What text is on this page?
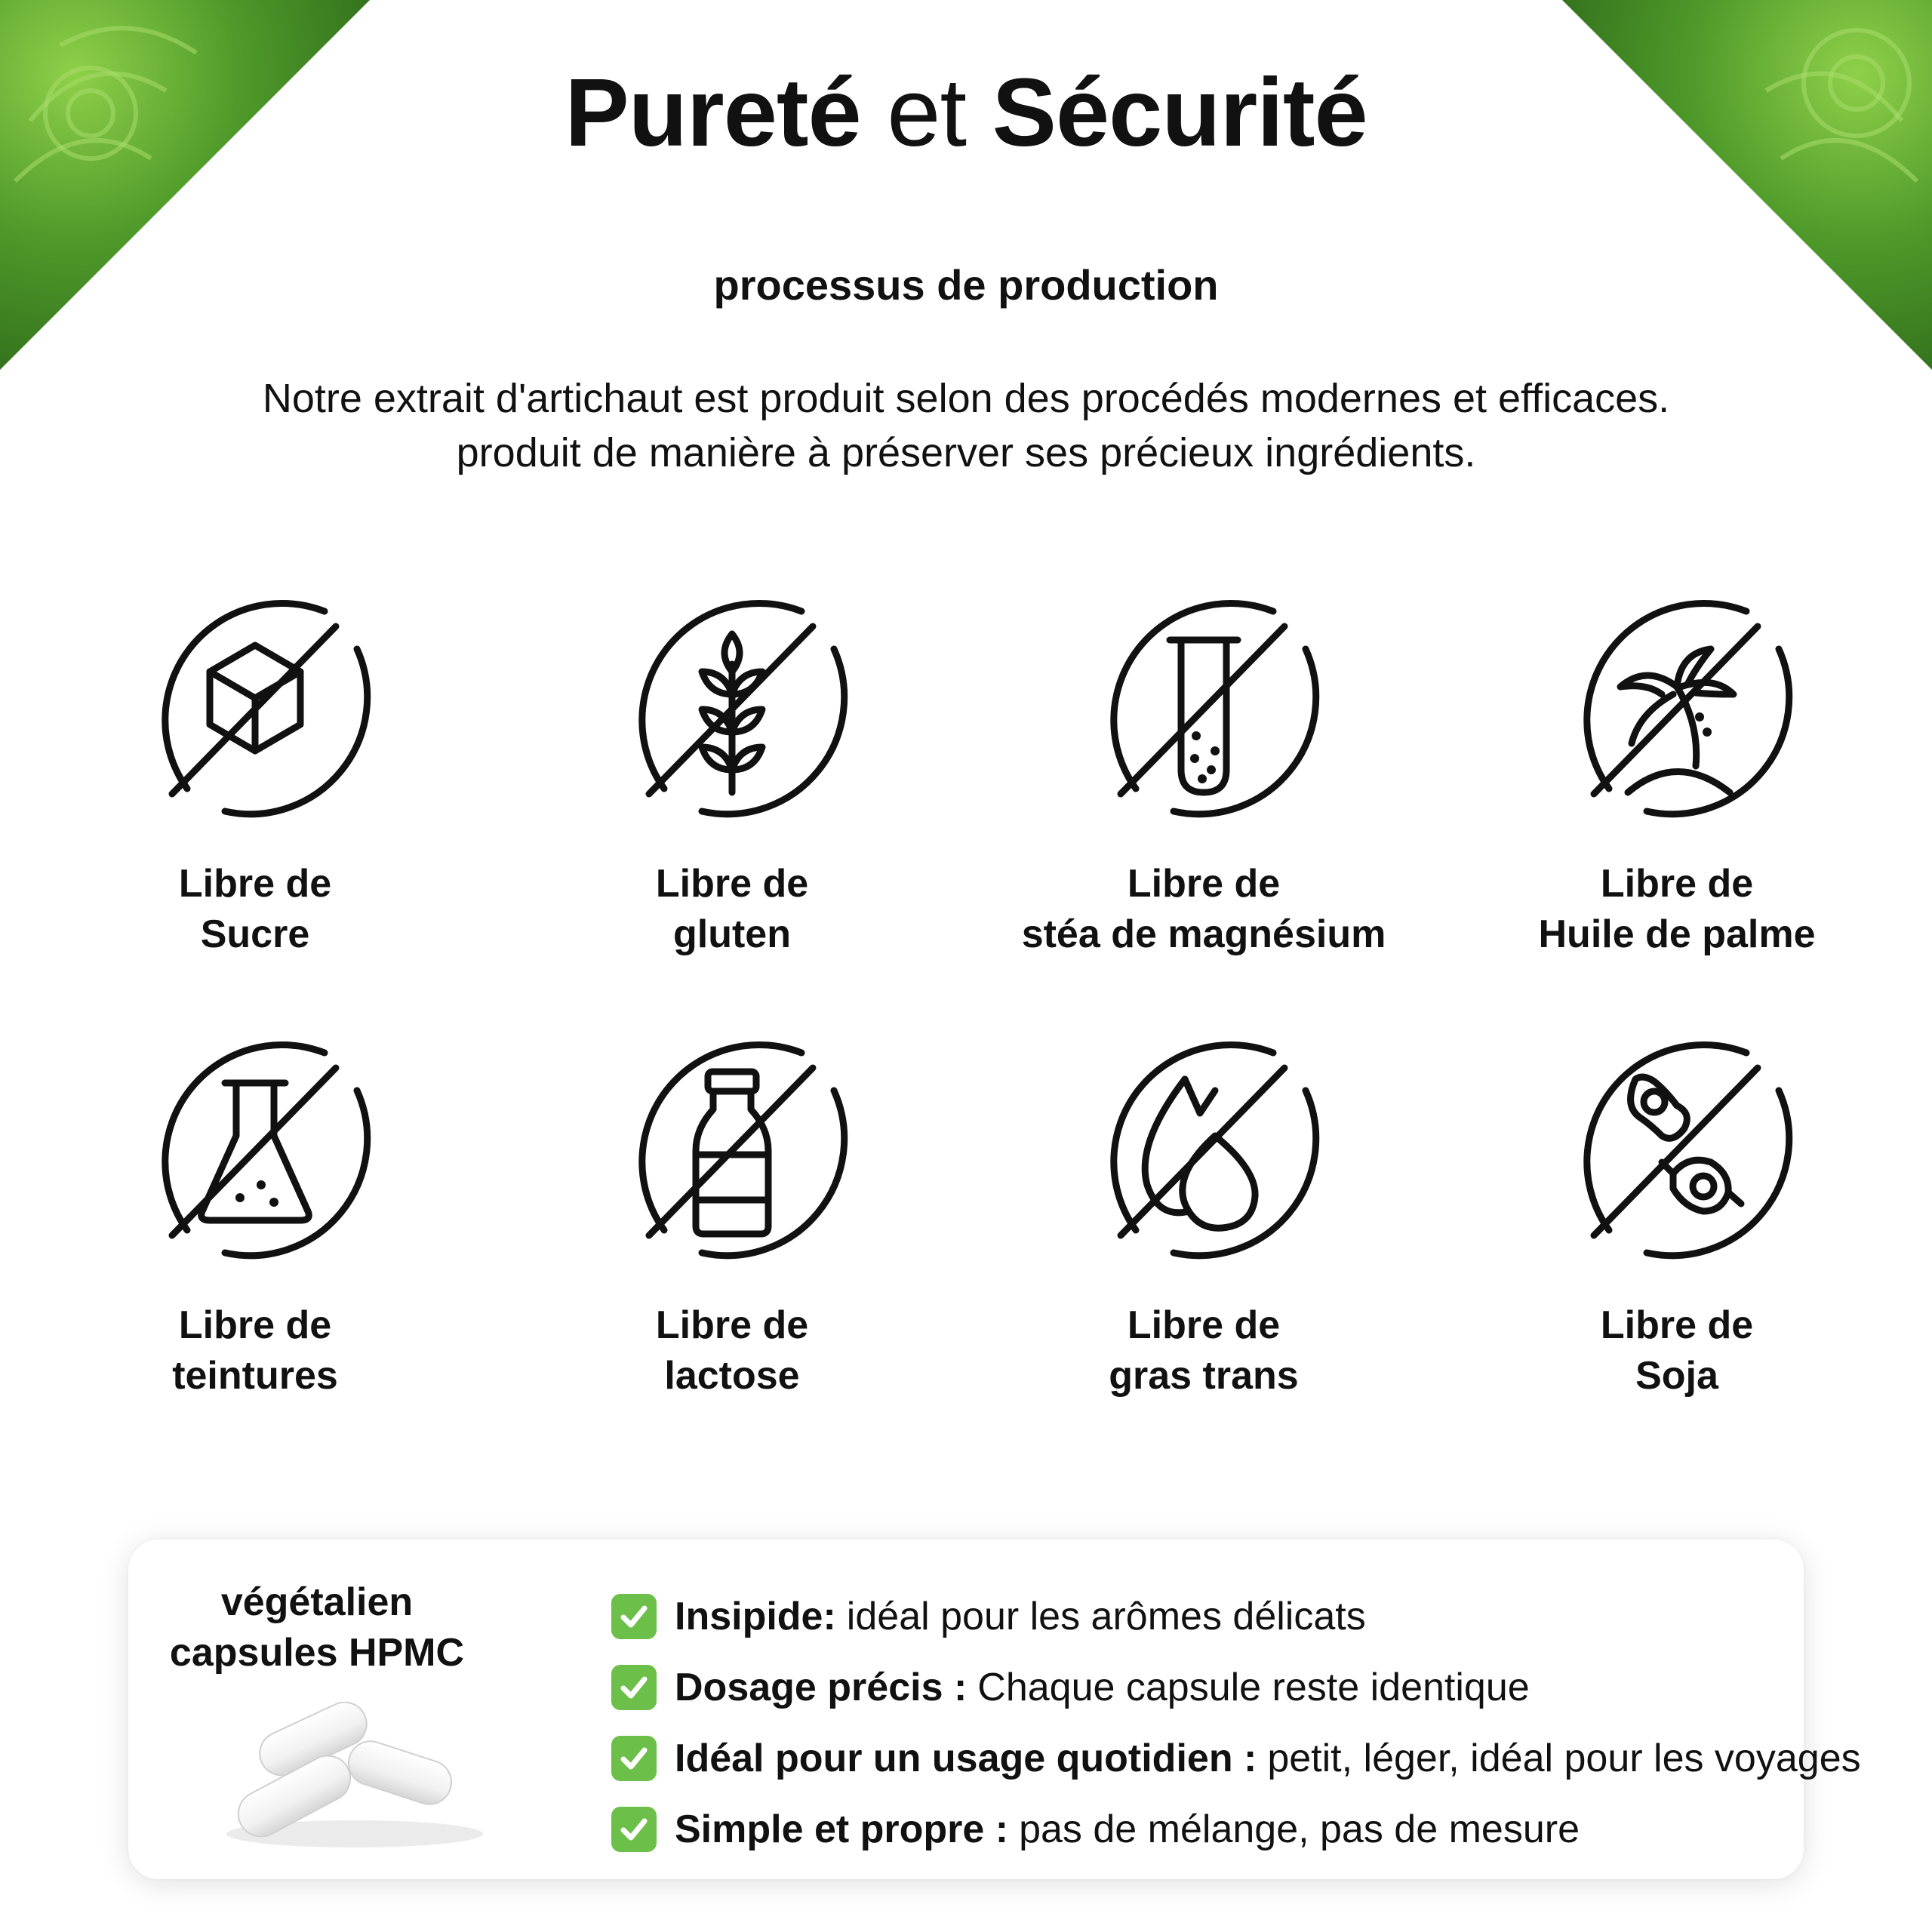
Pureté et Sécurité
processus de production
Notre extrait d'artichaut est produit selon des procédés modernes et efficaces.
produit de manière à préserver ses précieux ingrédients.
Libre de
Sucre
Libre de
gluten
Libre de
stéa de magnésium
Libre de
Huile de palme
Libre de
teintures
Libre de
lactose
Libre de
gras trans
Libre de
Soja
végétalien
capsules HPMC
Insipide: idéal pour les arômes délicats
Dosage précis : Chaque capsule reste identique
Idéal pour un usage quotidien : petit, léger, idéal pour les voyages
Simple et propre : pas de mélange, pas de mesure
